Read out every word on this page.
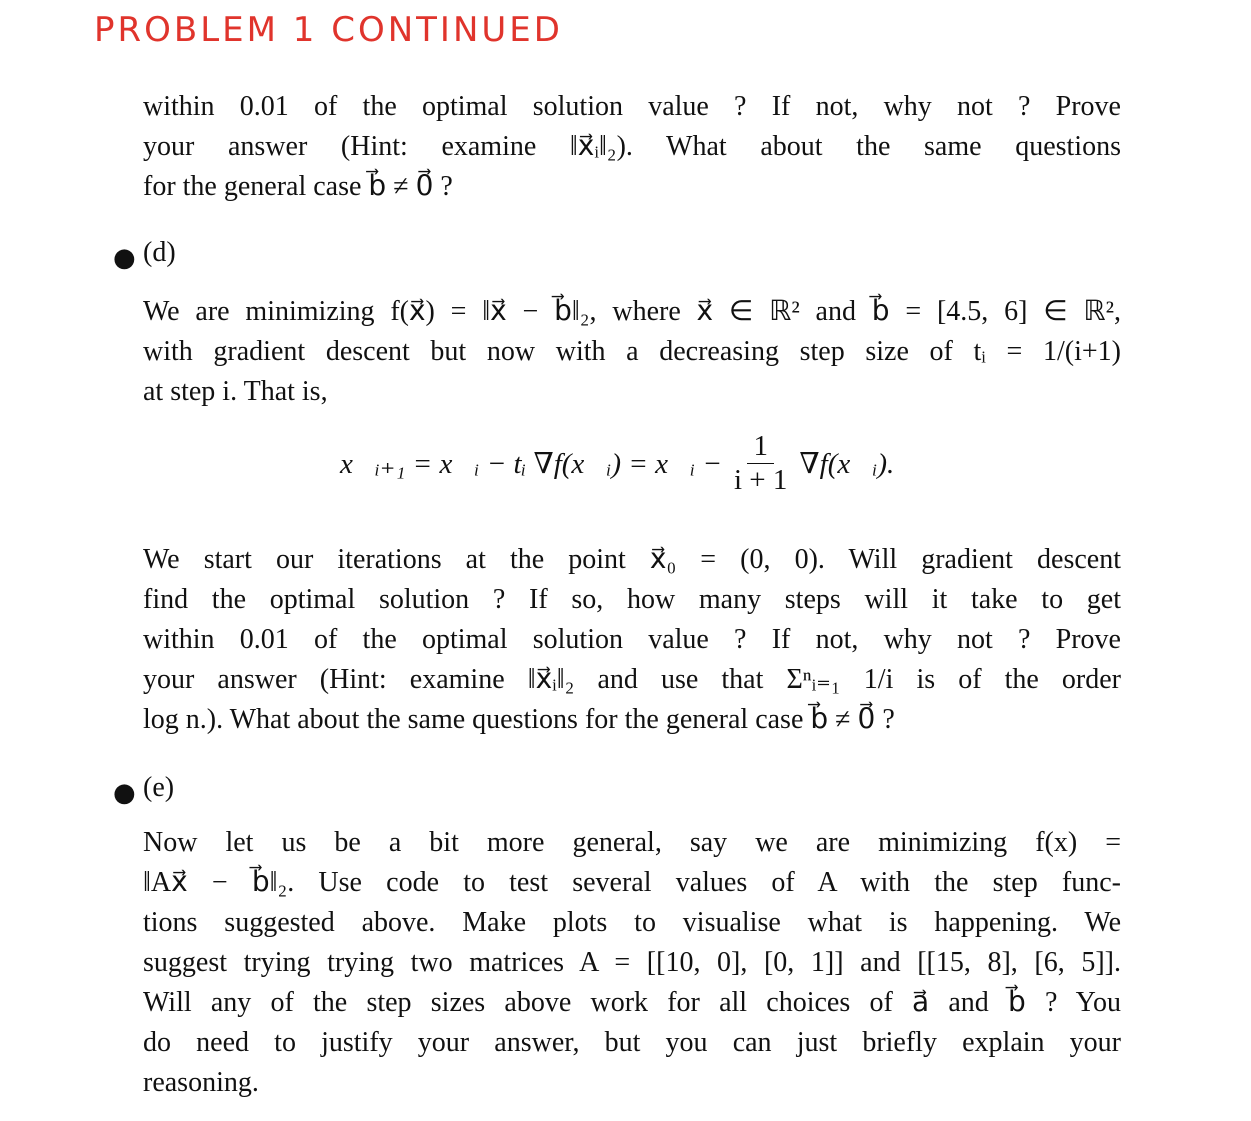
PROBLEM 1 CONTINUED
within 0.01 of the optimal solution value ? If not, why not ? Prove
your answer (Hint: examine ‖x⃗ᵢ‖₂). What about the same questions
for the general case b⃗ ≠ 0⃗ ?
● (d)
We are minimizing f(x⃗) = ‖x⃗ − b⃗‖₂, where x⃗ ∈ ℝ² and b⃗ = [4.5, 6] ∈ ℝ²,
with gradient descent but now with a decreasing step size of tᵢ = 1/(i+1)
at step i. That is,
x⃗ᵢ₊₁ = x⃗ᵢ − tᵢ ∇f(x⃗ᵢ) = x⃗ᵢ − $\frac{1}{i + 1}$ ∇f(x⃗ᵢ).
We start our iterations at the point x⃗₀ = (0, 0). Will gradient descent
find the optimal solution ? If so, how many steps will it take to get
within 0.01 of the optimal solution value ? If not, why not ? Prove
your answer (Hint: examine ‖x⃗ᵢ‖₂ and use that Σⁿᵢ₌₁ 1/i is of the order
log n.). What about the same questions for the general case b⃗ ≠ 0⃗ ?
● (e)
Now let us be a bit more general, say we are minimizing f(x) =
‖Ax⃗ − b⃗‖₂. Use code to test several values of A with the step func-
tions suggested above. Make plots to visualise what is happening. We
suggest trying trying two matrices A = [[10, 0], [0, 1]] and [[15, 8], [6, 5]].
Will any of the step sizes above work for all choices of a⃗ and b⃗ ? You
do need to justify your answer, but you can just briefly explain your
reasoning.
